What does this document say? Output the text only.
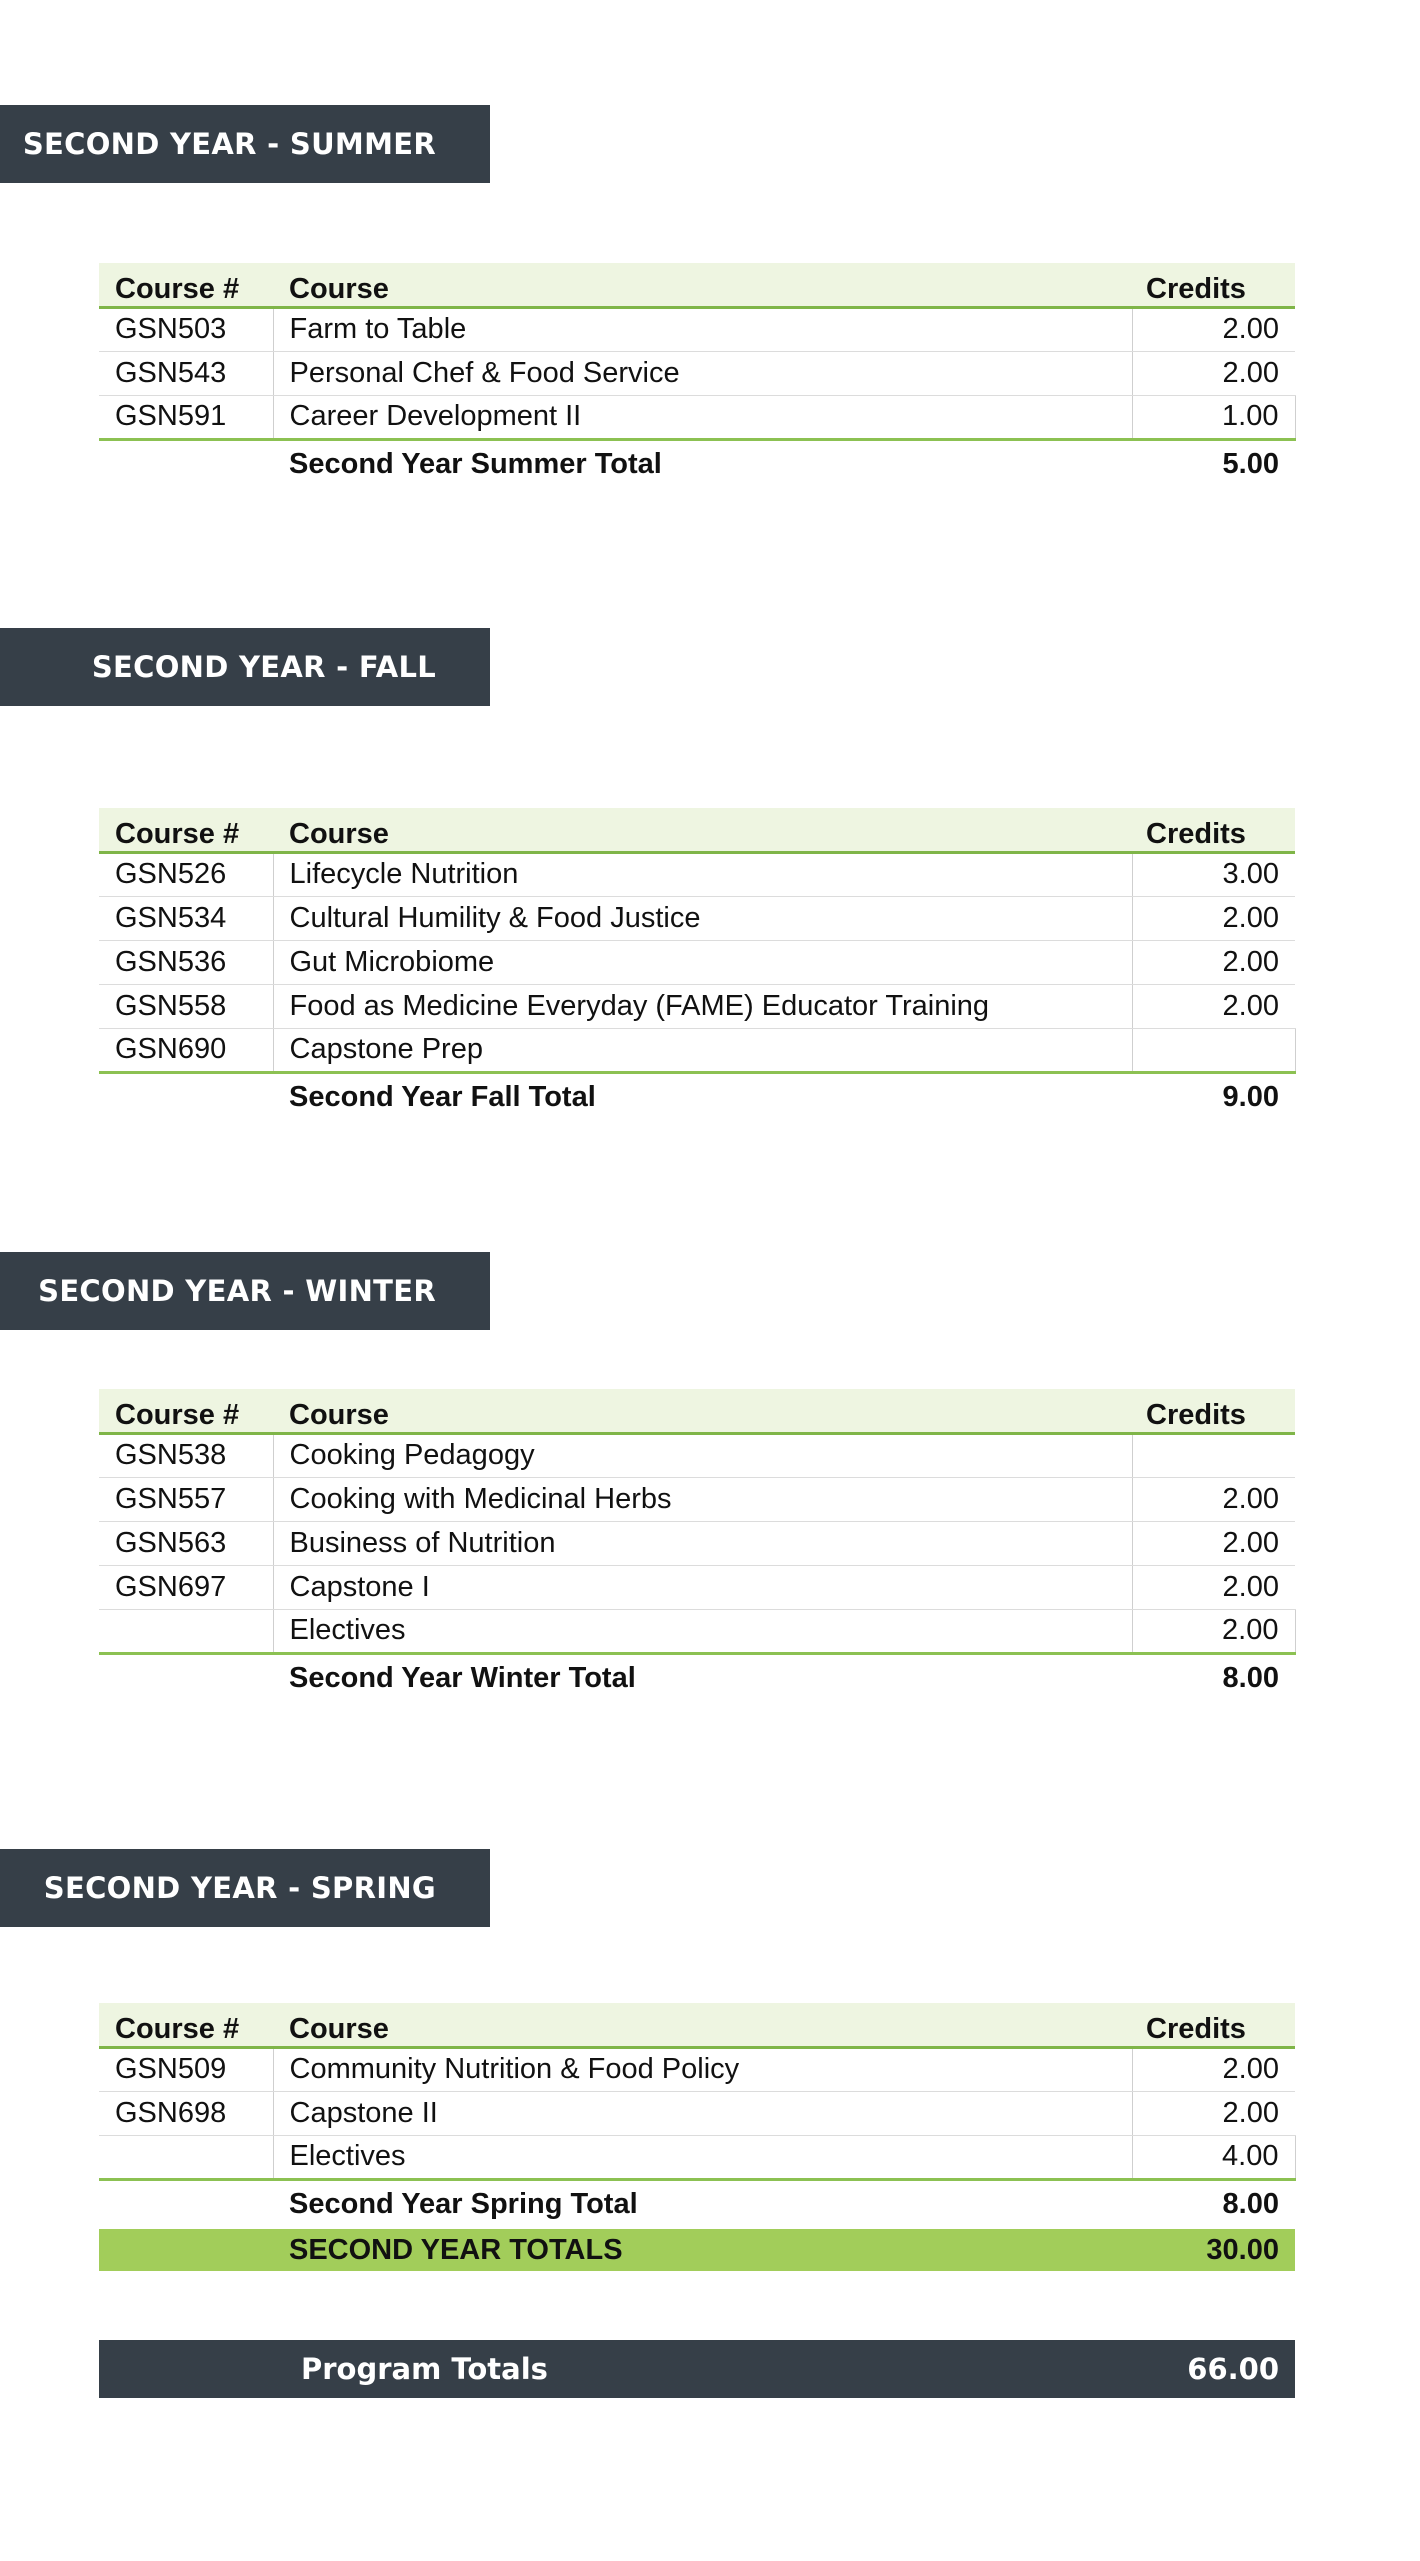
SECOND YEAR - SUMMER
Course #	Course	Credits
GSN503	Farm to Table	2.00
GSN543	Personal Chef & Food Service	2.00
GSN591	Career Development II	1.00
	Second Year Summer Total	5.00
SECOND YEAR - FALL
Course #	Course	Credits
GSN526	Lifecycle Nutrition	3.00
GSN534	Cultural Humility & Food Justice	2.00
GSN536	Gut Microbiome	2.00
GSN558	Food as Medicine Everyday (FAME) Educator Training	2.00
GSN690	Capstone Prep	
	Second Year Fall Total	9.00
SECOND YEAR - WINTER
Course #	Course	Credits
GSN538	Cooking Pedagogy	
GSN557	Cooking with Medicinal Herbs	2.00
GSN563	Business of Nutrition	2.00
GSN697	Capstone I	2.00
	Electives	2.00
	Second Year Winter Total	8.00
SECOND YEAR - SPRING
Course #	Course	Credits
GSN509	Community Nutrition & Food Policy	2.00
GSN698	Capstone II	2.00
	Electives	4.00
	Second Year Spring Total	8.00
	SECOND YEAR TOTALS	30.00
Program Totals	66.00
